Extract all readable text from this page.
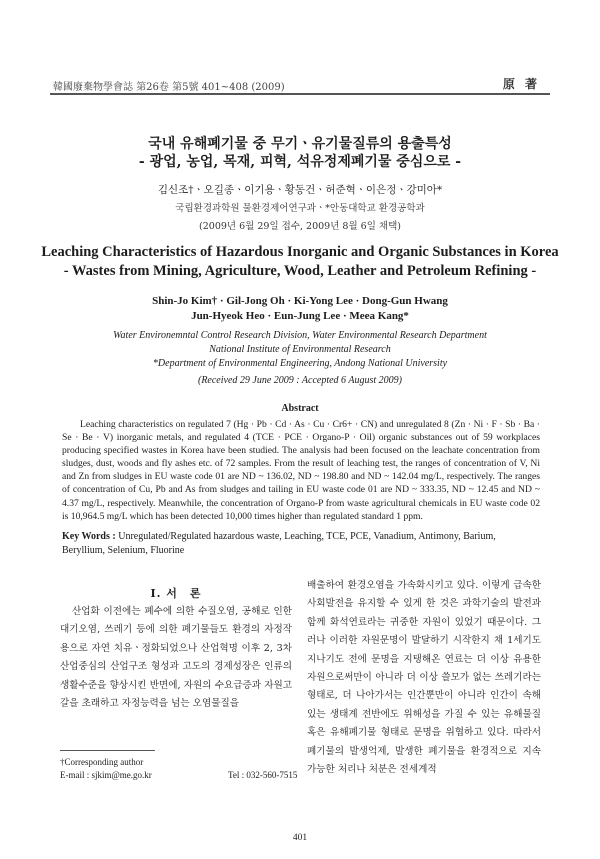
韓國廢棄物學會誌 第26卷 第5號 401~408 (2009)	原 著
국내 유해폐기물 중 무기ㆍ유기물질류의 용출특성
- 광업, 농업, 목재, 피혁, 석유정제폐기물 중심으로 -
김신조†ㆍ오길종ㆍ이기용ㆍ황동건ㆍ허준혁ㆍ이은정ㆍ강미아*
국립환경과학원 물환경제어연구과ㆍ*안동대학교 환경공학과
(2009년 6월 29일 접수, 2009년 8월 6일 채택)
Leaching Characteristics of Hazardous Inorganic and Organic Substances in Korea
- Wastes from Mining, Agriculture, Wood, Leather and Petroleum Refining -
Shin-Jo Kim† · Gil-Jong Oh · Ki-Yong Lee · Dong-Gun Hwang
Jun-Hyeok Heo · Eun-Jung Lee · Meea Kang*
Water Environemntal Control Research Division, Water Environmental Research Department
National Institute of Environmental Research
*Department of Environmental Engineering, Andong National University
(Received 29 June 2009 : Accepted 6 August 2009)
Abstract

Leaching characteristics on regulated 7 (Hg · Pb · Cd · As · Cu · Cr6+ · CN) and unregulated 8 (Zn · Ni · F · Sb · Ba · Se · Be · V) inorganic metals, and regulated 4 (TCE · PCE · Organo-P · Oil) organic substances out of 59 workplaces producing specified wastes in Korea have been studied. The analysis had been focused on the leachate concentration from sludges, dust, woods and fly ashes etc. of 72 samples. From the result of leaching test, the ranges of concentration of V, Ni and Zn from sludges in EU waste code 01 are ND ~ 136.02, ND ~ 198.80 and ND ~ 142.04 mg/L, respectively. The ranges of concentration of Cu, Pb and As from sludges and tailing in EU waste code 01 are ND ~ 333.35, ND ~ 12.45 and ND ~ 4.37 mg/L, respectively. Meanwhile, the concentration of Organo-P from waste agricultural chemicals in EU waste code 02 is 10,964.5 mg/L which has been detected 10,000 times higher than regulated standard 1 ppm.

Key Words : Unregulated/Regulated hazardous waste, Leaching, TCE, PCE, Vanadium, Antimony, Barium, Beryllium, Selenium, Fluorine

I. 서　론

산업화 이전에는 폐수에 의한 수질오염, 공해로 인한 대기오염, 쓰레기 등에 의한 폐기물들도 환경의 자정작용으로 자연 치유ㆍ정화되었으나 산업혁명 이후 2, 3차 산업중심의 산업구조 형성과 고도의 경제성장은 인류의 생활수준을 향상시킨 반면에, 자원의 수요급증과 자원고갈을 초래하고 자정능력을 넘는 오염물질을

배출하여 환경오염을 가속화시키고 있다. 이렇게 급속한 사회발전을 유지할 수 있게 한 것은 과학기술의 발전과 함께 화석연료라는 귀중한 자원이 있었기 때문이다. 그러나 이러한 자원문명이 발달하기 시작한지 채 1세기도 지나기도 전에 문명을 지탱해온 연료는 더 이상 유용한 자원으로써만이 아니라 더 이상 쓸모가 없는 쓰레기라는 형태로, 더 나아가서는 인간뿐만이 아니라 인간이 속해있는 생태계 전반에도 위해성을 가질 수 있는 유해물질 혹은 유해폐기물 형태로 문명을 위협하고 있다. 따라서 폐기물의 발생억제, 발생한 폐기물을 환경적으로 지속 가능한 처리나 처분은 전세계적

†Corresponding author
E-mail : sjkim@me.go.kr	Tel : 032-560-7515
401
